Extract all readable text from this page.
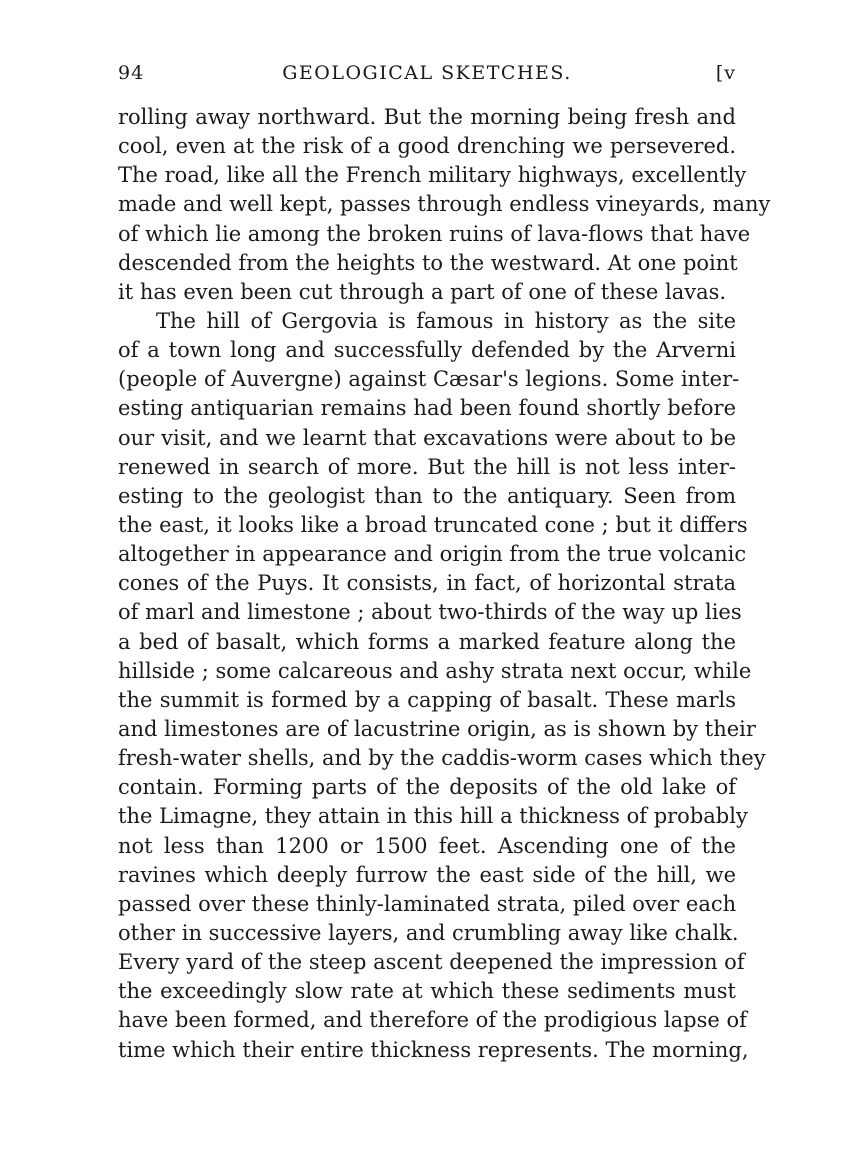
94	GEOLOGICAL SKETCHES.	[v
rolling away northward. But the morning being fresh and
cool, even at the risk of a good drenching we persevered.
The road, like all the French military highways, excellently
made and well kept, passes through endless vineyards, many
of which lie among the broken ruins of lava-flows that have
descended from the heights to the westward. At one point
it has even been cut through a part of one of these lavas.
The hill of Gergovia is famous in history as the site
of a town long and successfully defended by the Arverni
(people of Auvergne) against Cæsar's legions. Some inter-
esting antiquarian remains had been found shortly before
our visit, and we learnt that excavations were about to be
renewed in search of more. But the hill is not less inter-
esting to the geologist than to the antiquary. Seen from
the east, it looks like a broad truncated cone ; but it differs
altogether in appearance and origin from the true volcanic
cones of the Puys. It consists, in fact, of horizontal strata
of marl and limestone ; about two-thirds of the way up lies
a bed of basalt, which forms a marked feature along the
hillside ; some calcareous and ashy strata next occur, while
the summit is formed by a capping of basalt. These marls
and limestones are of lacustrine origin, as is shown by their
fresh-water shells, and by the caddis-worm cases which they
contain. Forming parts of the deposits of the old lake of
the Limagne, they attain in this hill a thickness of probably
not less than 1200 or 1500 feet. Ascending one of the
ravines which deeply furrow the east side of the hill, we
passed over these thinly-laminated strata, piled over each
other in successive layers, and crumbling away like chalk.
Every yard of the steep ascent deepened the impression of
the exceedingly slow rate at which these sediments must
have been formed, and therefore of the prodigious lapse of
time which their entire thickness represents. The morning,
